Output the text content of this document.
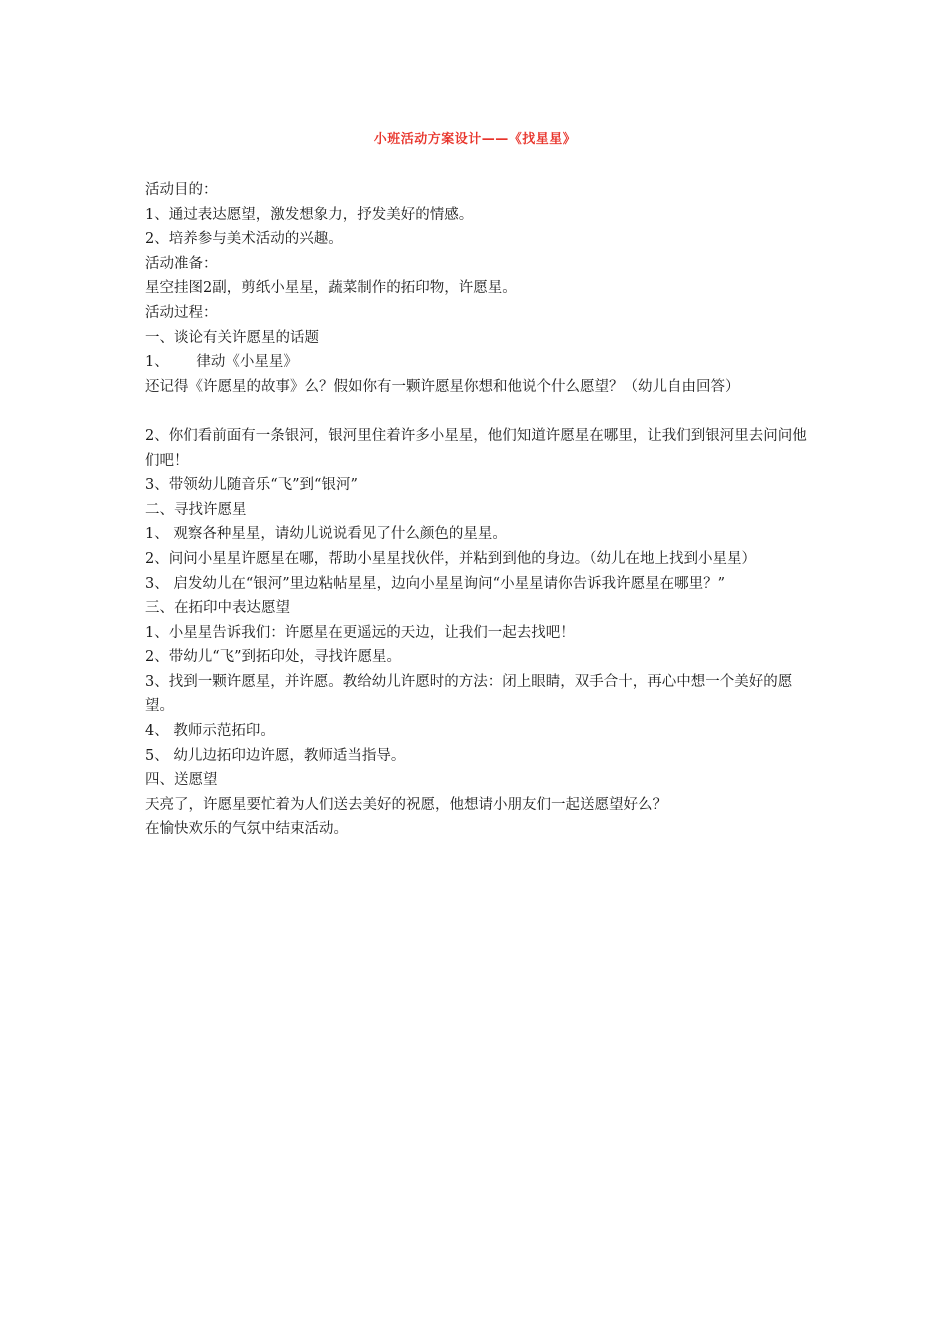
小班活动方案设计——《找星星》
活动目的：
1、通过表达愿望，激发想象力，抒发美好的情感。
2、培养参与美术活动的兴趣。
活动准备：
星空挂图2副，剪纸小星星，蔬菜制作的拓印物，许愿星。
活动过程：
一、谈论有关许愿星的话题
1、      律动《小星星》
还记得《许愿星的故事》么？假如你有一颗许愿星你想和他说个什么愿望？（幼儿自由回答）
2、你们看前面有一条银河，银河里住着许多小星星，他们知道许愿星在哪里，让我们到银河里去问问他们吧！
3、带领幼儿随音乐“飞”到“银河”
二、寻找许愿星
1、 观察各种星星，请幼儿说说看见了什么颜色的星星。
2、问问小星星许愿星在哪，帮助小星星找伙伴，并粘到到他的身边。（幼儿在地上找到小星星）
3、 启发幼儿在“银河”里边粘帖星星，边向小星星询问“小星星请你告诉我许愿星在哪里？”
三、在拓印中表达愿望
1、小星星告诉我们：许愿星在更遥远的天边，让我们一起去找吧！
2、带幼儿“飞”到拓印处，寻找许愿星。
3、找到一颗许愿星，并许愿。教给幼儿许愿时的方法：闭上眼睛，双手合十，再心中想一个美好的愿望。
4、 教师示范拓印。
5、 幼儿边拓印边许愿，教师适当指导。
四、送愿望
天亮了，许愿星要忙着为人们送去美好的祝愿，他想请小朋友们一起送愿望好么？
在愉快欢乐的气氛中结束活动。
